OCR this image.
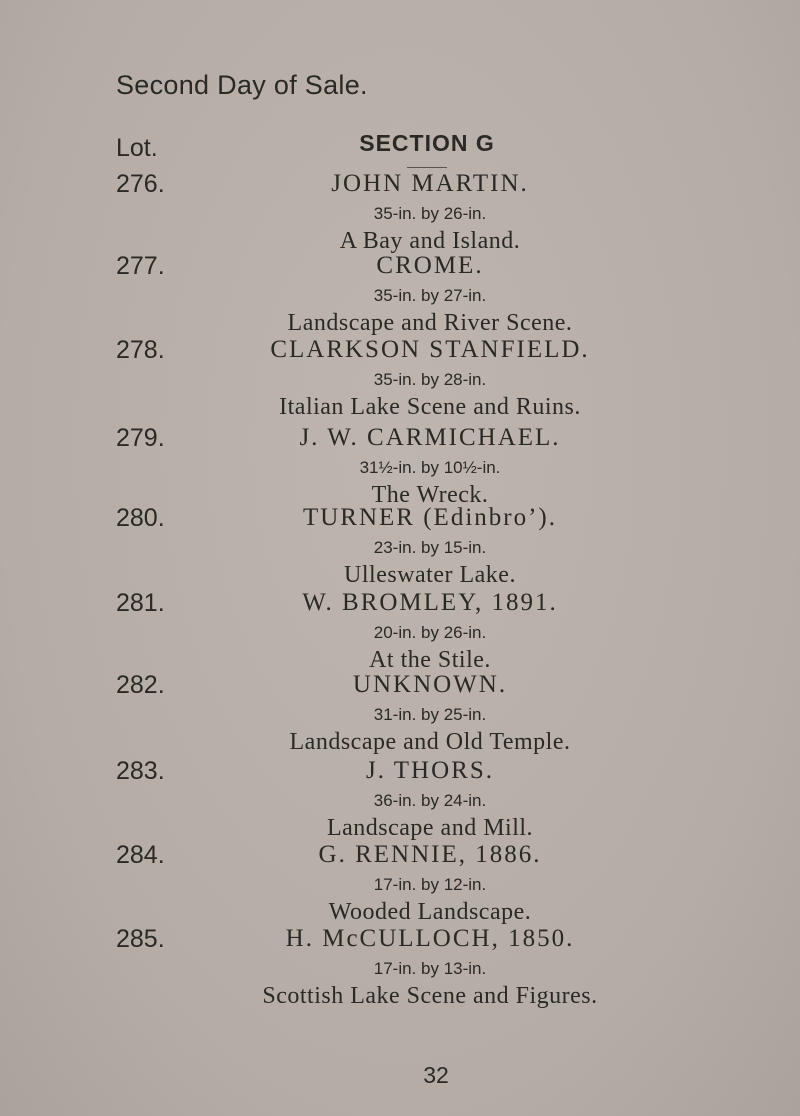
Second Day of Sale.
Lot.	SECTION G
276.	JOHN MARTIN.
35-in. by 26-in.
A Bay and Island.
277.	CROME.
35-in. by 27-in.
Landscape and River Scene.
278.	CLARKSON STANFIELD.
35-in. by 28-in.
Italian Lake Scene and Ruins.
279.	J. W. CARMICHAEL.
31½-in. by 10½-in.
The Wreck.
280.	TURNER (Edinbro’).
23-in. by 15-in.
Ulleswater Lake.
281.	W. BROMLEY, 1891.
20-in. by 26-in.
At the Stile.
282.	UNKNOWN.
31-in. by 25-in.
Landscape and Old Temple.
283.	J. THORS.
36-in. by 24-in.
Landscape and Mill.
284.	G. RENNIE, 1886.
17-in. by 12-in.
Wooded Landscape.
285.	H. McCULLOCH, 1850.
17-in. by 13-in.
Scottish Lake Scene and Figures.
32
